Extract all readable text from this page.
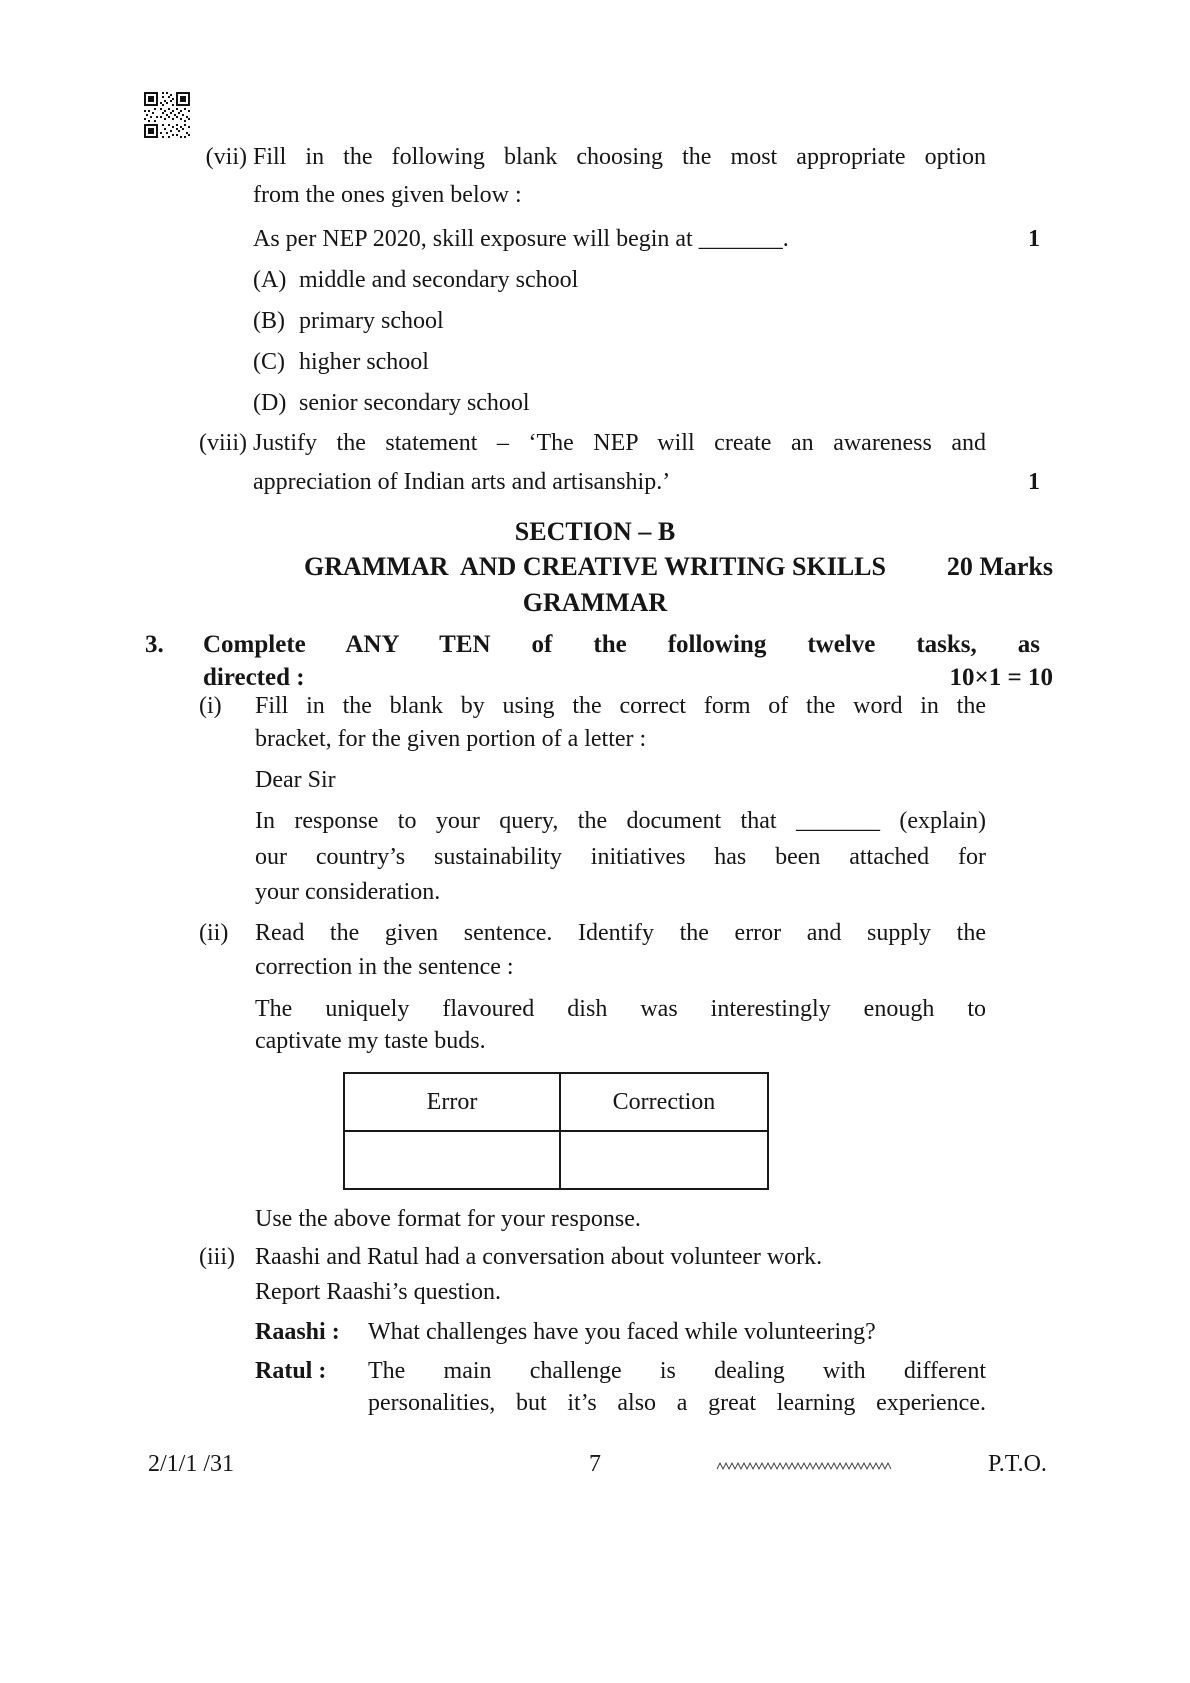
(vii) Fill in the following blank choosing the most appropriate option
from the ones given below :
As per NEP 2020, skill exposure will begin at _______.	1
(A) middle and secondary school
(B) primary school
(C) higher school
(D) senior secondary school
(viii) Justify the statement – ‘The NEP will create an awareness and
appreciation of Indian arts and artisanship.’	1
SECTION – B
GRAMMAR  AND CREATIVE WRITING SKILLS	20 Marks
GRAMMAR
3. Complete ANY TEN of the following twelve tasks, as
directed :	10×1 = 10
(i) Fill in the blank by using the correct form of the word in the
bracket, for the given portion of a letter :
Dear Sir
In response to your query, the document that _______ (explain)
our country’s sustainability initiatives has been attached for
your consideration.
(ii) Read the given sentence. Identify the error and supply the
correction in the sentence :
The uniquely flavoured dish was interestingly enough to
captivate my taste buds.
Error	Correction
Use the above format for your response.
(iii) Raashi and Ratul had a conversation about volunteer work.
Report Raashi’s question.
Raashi : What challenges have you faced while volunteering?
Ratul : The main challenge is dealing with different
personalities, but it’s also a great learning experience.
2/1/1 /31	7	P.T.O.
